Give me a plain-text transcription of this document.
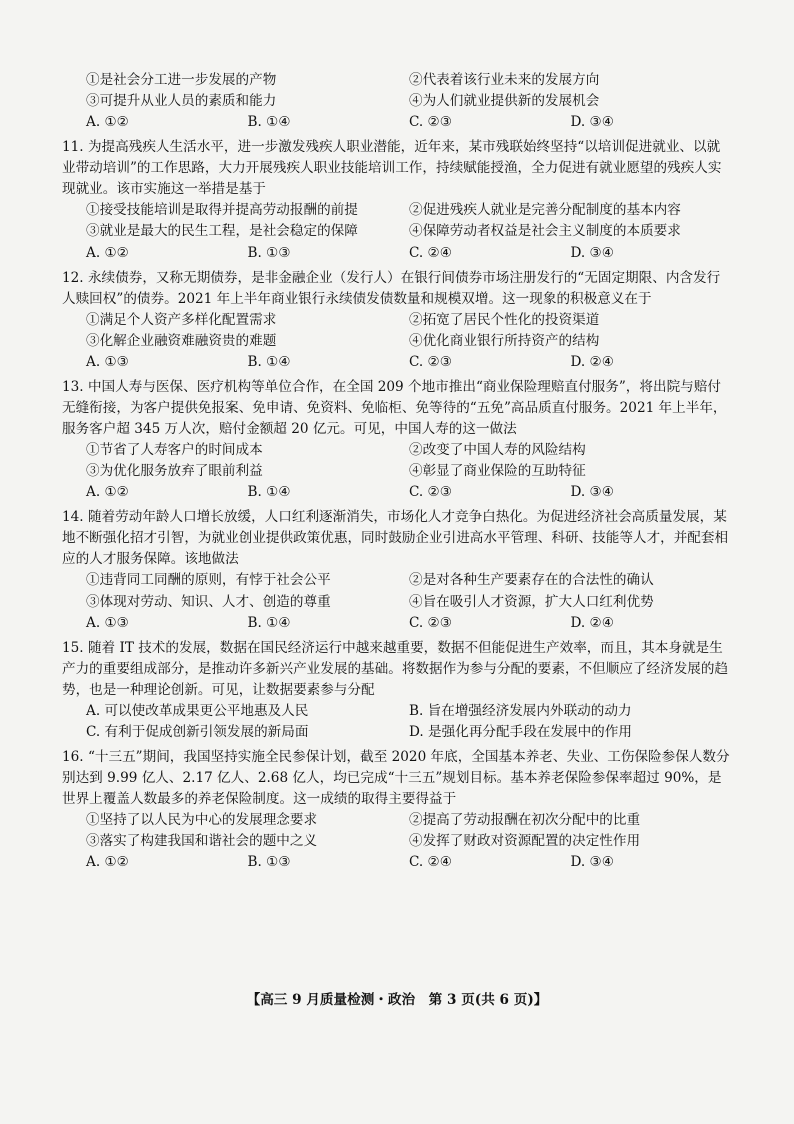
①是社会分工进一步发展的产物	②代表着该行业未来的发展方向
③可提升从业人员的素质和能力	④为人们就业提供新的发展机会
A. ①②	B. ①④	C. ②③	D. ③④
11. 为提高残疾人生活水平，进一步激发残疾人职业潜能，近年来，某市残联始终坚持“以培训促进就业、以就业带动培训”的工作思路，大力开展残疾人职业技能培训工作，持续赋能授渔，全力促进有就业愿望的残疾人实现就业。该市实施这一举措是基于
①接受技能培训是取得并提高劳动报酬的前提	②促进残疾人就业是完善分配制度的基本内容
③就业是最大的民生工程，是社会稳定的保障	④保障劳动者权益是社会主义制度的本质要求
A. ①②	B. ①③	C. ②④	D. ③④
12. 永续债券，又称无期债券，是非金融企业（发行人）在银行间债券市场注册发行的“无固定期限、内含发行人赎回权”的债券。2021 年上半年商业银行永续债发债数量和规模双增。这一现象的积极意义在于
①满足个人资产多样化配置需求	②拓宽了居民个性化的投资渠道
③化解企业融资难融资贵的难题	④优化商业银行所持资产的结构
A. ①③	B. ①④	C. ②③	D. ②④
13. 中国人寿与医保、医疗机构等单位合作，在全国 209 个地市推出“商业保险理赔直付服务”，将出院与赔付无缝衔接，为客户提供免报案、免申请、免资料、免临柜、免等待的“五免”高品质直付服务。2021 年上半年，服务客户超 345 万人次，赔付金额超 20 亿元。可见，中国人寿的这一做法
①节省了人寿客户的时间成本	②改变了中国人寿的风险结构
③为优化服务放弃了眼前利益	④彰显了商业保险的互助特征
A. ①②	B. ①④	C. ②③	D. ③④
14. 随着劳动年龄人口增长放缓，人口红利逐渐消失，市场化人才竞争白热化。为促进经济社会高质量发展，某地不断强化招才引智，为就业创业提供政策优惠，同时鼓励企业引进高水平管理、科研、技能等人才，并配套相应的人才服务保障。该地做法
①违背同工同酬的原则，有悖于社会公平	②是对各种生产要素存在的合法性的确认
③体现对劳动、知识、人才、创造的尊重	④旨在吸引人才资源，扩大人口红利优势
A. ①③	B. ①④	C. ②③	D. ②④
15. 随着 IT 技术的发展，数据在国民经济运行中越来越重要，数据不但能促进生产效率，而且，其本身就是生产力的重要组成部分，是推动许多新兴产业发展的基础。将数据作为参与分配的要素，不但顺应了经济发展的趋势，也是一种理论创新。可见，让数据要素参与分配
A. 可以使改革成果更公平地惠及人民	B. 旨在增强经济发展内外联动的动力
C. 有利于促成创新引领发展的新局面	D. 是强化再分配手段在发展中的作用
16. “十三五”期间，我国坚持实施全民参保计划，截至 2020 年底，全国基本养老、失业、工伤保险参保人数分别达到 9.99 亿人、2.17 亿人、2.68 亿人，均已完成“十三五”规划目标。基本养老保险参保率超过 90%，是世界上覆盖人数最多的养老保险制度。这一成绩的取得主要得益于
①坚持了以人民为中心的发展理念要求	②提高了劳动报酬在初次分配中的比重
③落实了构建我国和谐社会的题中之义	④发挥了财政对资源配置的决定性作用
A. ①②	B. ①③	C. ②④	D. ③④
【高三 9 月质量检测・政治　第 3 页(共 6 页)】
